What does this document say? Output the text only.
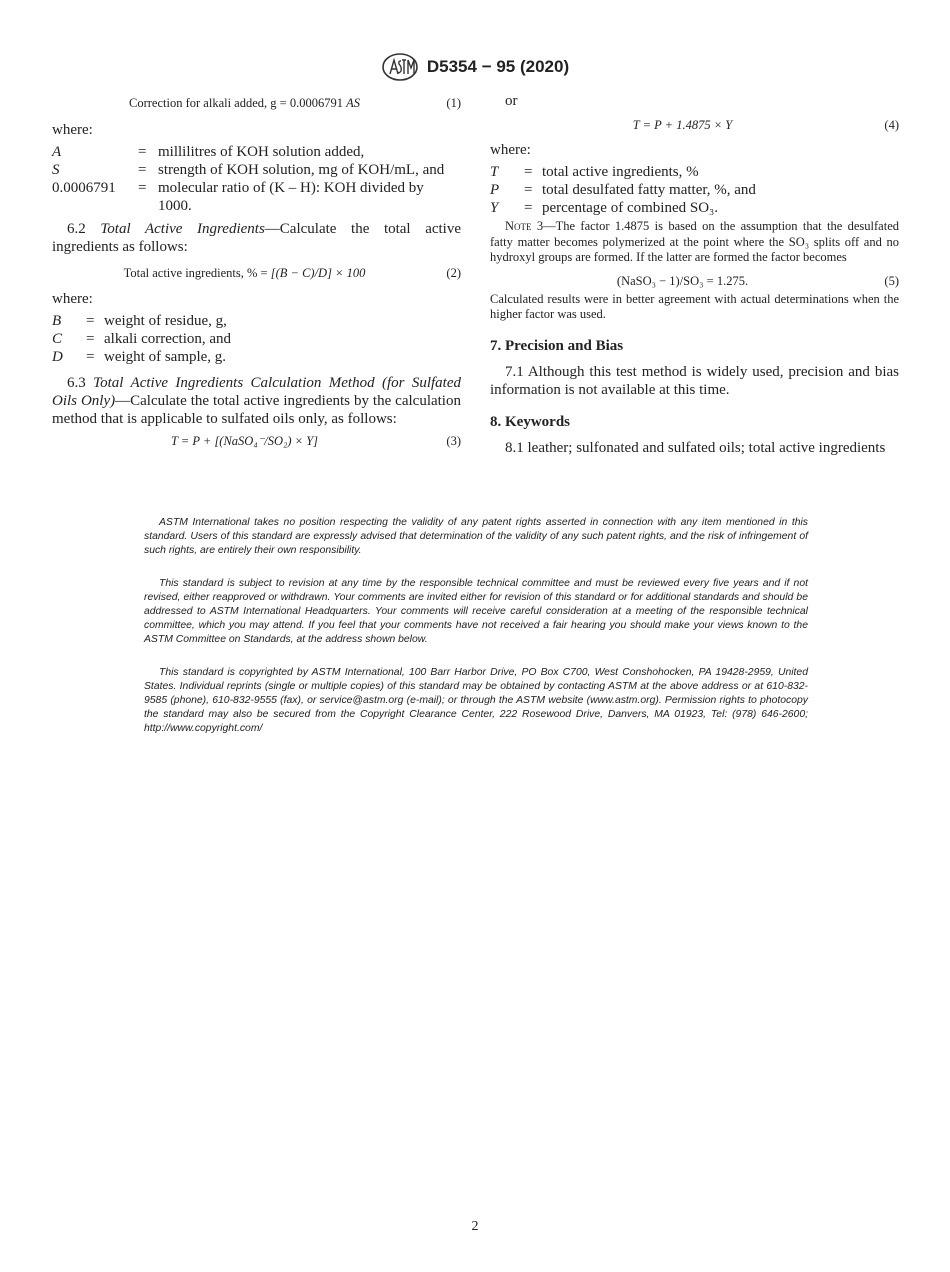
D5354 − 95 (2020)
Correction for alkali added, g = 0.0006791 AS	(1)
where:
A	=	millilitres of KOH solution added,
S	=	strength of KOH solution, mg of KOH/mL, and
0.0006791	=	molecular ratio of (K – H): KOH divided by 1000.

6.2 Total Active Ingredients—Calculate the total active ingredients as follows:

Total active ingredients, % = [(B − C)/D] × 100	(2)
where:
B	=	weight of residue, g,
C	=	alkali correction, and
D	=	weight of sample, g.

6.3 Total Active Ingredients Calculation Method (for Sulfated Oils Only)—Calculate the total active ingredients by the calculation method that is applicable to sulfated oils only, as follows:

T = P + [(NaSO₄⁻/SO₂) × Y]	(3)
or
T = P + 1.4875 × Y	(4)
where:
T	=	total active ingredients, %
P	=	total desulfated fatty matter, %, and
Y	=	percentage of combined SO₃.

Note 3—The factor 1.4875 is based on the assumption that the desulfated fatty matter becomes polymerized at the point where the SO₃ splits off and no hydroxyl groups are formed. If the latter are formed the factor becomes

(NaSO₃ − 1)/SO₃ = 1.275.	(5)

Calculated results were in better agreement with actual determinations when the higher factor was used.

7. Precision and Bias

7.1 Although this test method is widely used, precision and bias information is not available at this time.

8. Keywords

8.1 leather; sulfonated and sulfated oils; total active ingredients

ASTM International takes no position respecting the validity of any patent rights asserted in connection with any item mentioned in this standard. Users of this standard are expressly advised that determination of the validity of any such patent rights, and the risk of infringement of such rights, are entirely their own responsibility.

This standard is subject to revision at any time by the responsible technical committee and must be reviewed every five years and if not revised, either reapproved or withdrawn. Your comments are invited either for revision of this standard or for additional standards and should be addressed to ASTM International Headquarters. Your comments will receive careful consideration at a meeting of the responsible technical committee, which you may attend. If you feel that your comments have not received a fair hearing you should make your views known to the ASTM Committee on Standards, at the address shown below.

This standard is copyrighted by ASTM International, 100 Barr Harbor Drive, PO Box C700, West Conshohocken, PA 19428-2959, United States. Individual reprints (single or multiple copies) of this standard may be obtained by contacting ASTM at the above address or at 610-832-9585 (phone), 610-832-9555 (fax), or service@astm.org (e-mail); or through the ASTM website (www.astm.org). Permission rights to photocopy the standard may also be secured from the Copyright Clearance Center, 222 Rosewood Drive, Danvers, MA 01923, Tel: (978) 646-2600; http://www.copyright.com/

2
